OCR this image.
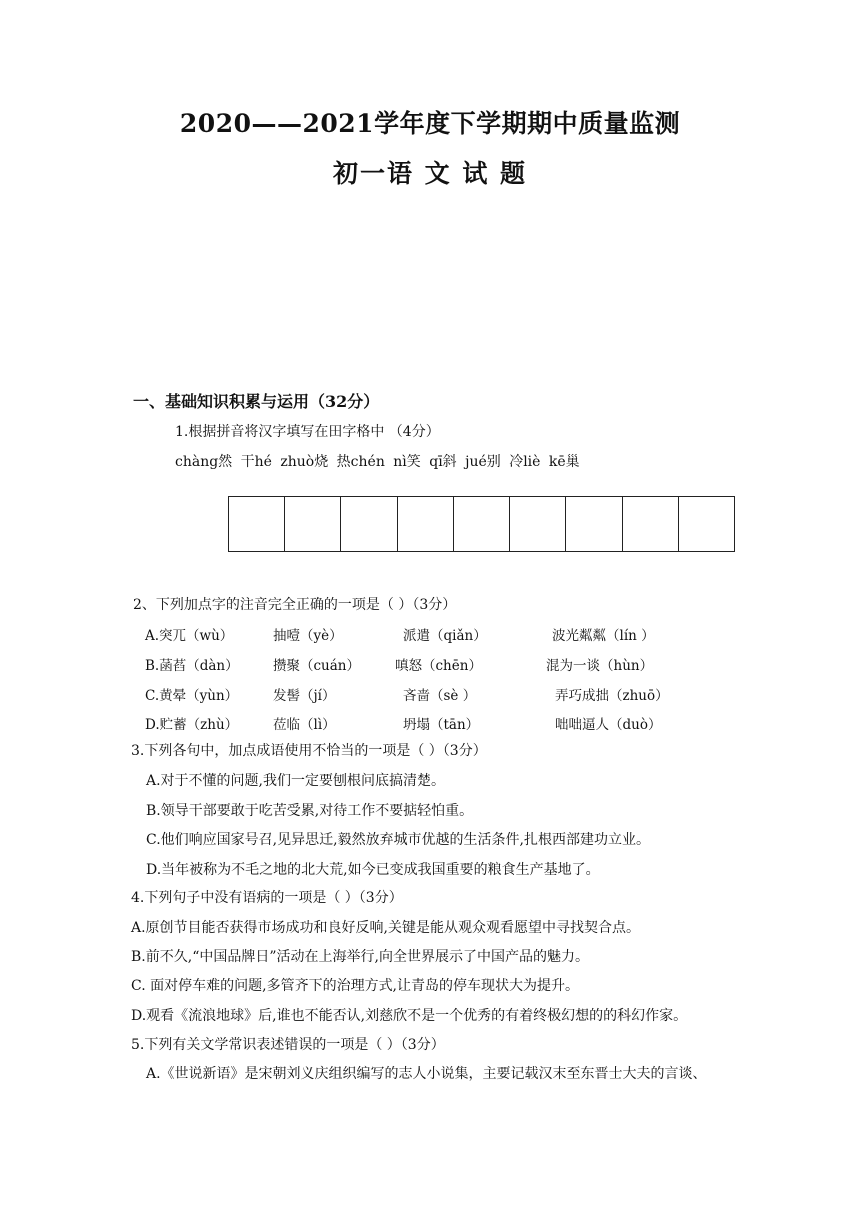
2020——2021学年度下学期期中质量监测
初一语 文 试 题
一、基础知识积累与运用（32分）
1.根据拼音将汉字填写在田字格中 （4分）
chàng然 干hé zhuò烧 热chén nì笑 qī斜 jué别 冷liè kē巢
2、下列加点字的注音完全正确的一项是（ ）（3分）
A.突兀（wù）	抽噎（yè）	派遣（qiǎn）	波光粼粼（lín ）
B.菡萏（dàn）	攒聚（cuán）	嗔怒（chēn）	混为一谈（hùn）
C.黄晕（yùn）	发髻（jí）	吝啬（sè ）	弄巧成拙（zhuō）
D.贮蓄（zhù）	莅临（lì）	坍塌（tān）	咄咄逼人（duò）
3.下列各句中，加点成语使用不恰当的一项是（ ）（3分）
A.对于不懂的问题,我们一定要刨根问底搞清楚。
B.领导干部要敢于吃苦受累,对待工作不要掂轻怕重。
C.他们响应国家号召,见异思迁,毅然放弃城市优越的生活条件,扎根西部建功立业。
D.当年被称为不毛之地的北大荒,如今已变成我国重要的粮食生产基地了。
4.下列句子中没有语病的一项是（ ）（3分）
A.原创节目能否获得市场成功和良好反响,关键是能从观众观看愿望中寻找契合点。
B.前不久,“中国品牌日”活动在上海举行,向全世界展示了中国产品的魅力。
C. 面对停车难的问题,多管齐下的治理方式,让青岛的停车现状大为提升。
D.观看《流浪地球》后,谁也不能否认,刘慈欣不是一个优秀的有着终极幻想的的科幻作家。
5.下列有关文学常识表述错误的一项是（ ）（3分）
A.《世说新语》是宋朝刘义庆组织编写的志人小说集，主要记载汉末至东晋士大夫的言谈、
